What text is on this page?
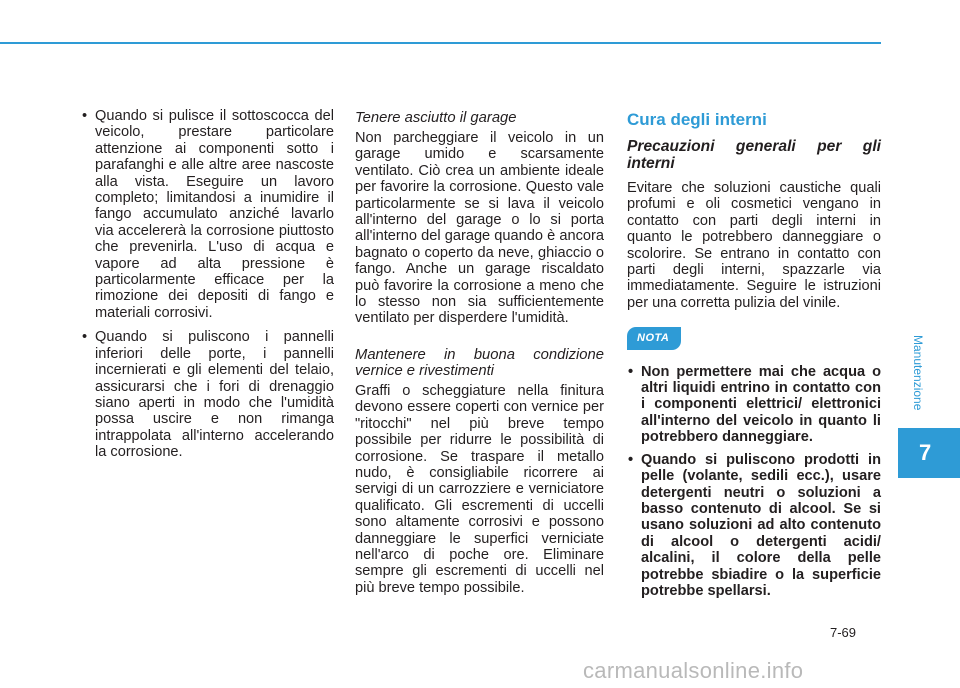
• Quando si pulisce il sottoscocca del veicolo, prestare particolare attenzione ai componenti sotto i parafanghi e alle altre aree nascoste alla vista. Eseguire un lavoro completo; limitandosi a inumidire il fango accumulato anziché lavarlo via accelererà la corrosione piuttosto che prevenirla. L'uso di acqua e vapore ad alta pressione è particolarmente efficace per la rimozione dei depositi di fango e materiali corrosivi.
• Quando si puliscono i pannelli inferiori delle porte, i pannelli incernierati e gli elementi del telaio, assicurarsi che i fori di drenaggio siano aperti in modo che l'umidità possa uscire e non rimanga intrappolata all'interno accelerando la corrosione.
Tenere asciutto il garage

Non parcheggiare il veicolo in un garage umido e scarsamente ventilato. Ciò crea un ambiente ideale per favorire la corrosione. Questo vale particolarmente se si lava il veicolo all'interno del garage o lo si porta all'interno del garage quando è ancora bagnato o coperto da neve, ghiaccio o fango. Anche un garage riscaldato può favorire la corrosione a meno che lo stesso non sia sufficientemente ventilato per disperdere l'umidità.

Mantenere in buona condizione vernice e rivestimenti

Graffi o scheggiature nella finitura devono essere coperti con vernice per "ritocchi" nel più breve tempo possibile per ridurre le possibilità di corrosione. Se traspare il metallo nudo, è consigliabile ricorrere ai servigi di un carrozziere e verniciatore qualificato. Gli escrementi di uccelli sono altamente corrosivi e possono danneggiare le superfici verniciate nell'arco di poche ore. Eliminare sempre gli escrementi di uccelli nel più breve tempo possibile.

Cura degli interni
Precauzioni generali per gli interni

Evitare che soluzioni caustiche quali profumi e oli cosmetici vengano in contatto con parti degli interni in quanto le potrebbero danneggiare o scolorire. Se entrano in contatto con parti degli interni, spazzarle via immediatamente. Seguire le istruzioni per una corretta pulizia del vinile.

NOTA
• Non permettere mai che acqua o altri liquidi entrino in contatto con i componenti elettrici/ elettronici all'interno del veicolo in quanto li potrebbero danneggiare.
• Quando si puliscono prodotti in pelle (volante, sedili ecc.), usare detergenti neutri o soluzioni a basso contenuto di alcool. Se si usano soluzioni ad alto contenuto di alcool o detergenti acidi/ alcalini, il colore della pelle potrebbe sbiadire o la superficie potrebbe spellarsi.
Manutenzione
7
7-69
carmanualsonline.info
